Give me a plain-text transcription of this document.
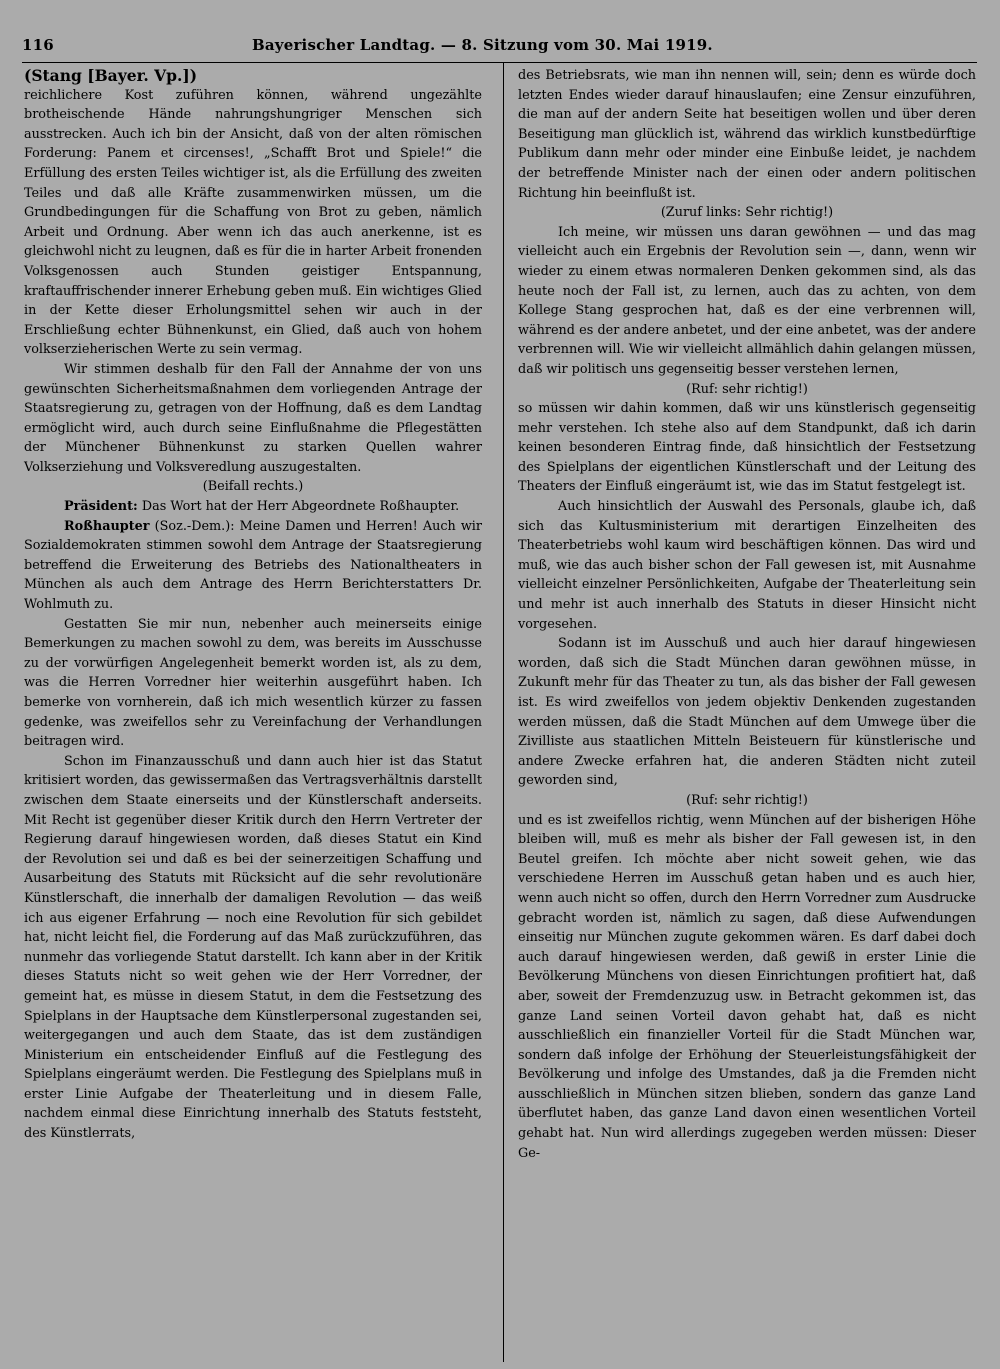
116	Bayerischer Landtag. — 8. Sitzung vom 30. Mai 1919.
(Stang [Bayer. Vp.])

reichlichere Kost zuführen können, während ungezählte brotheischende Hände nahrungshungriger Menschen sich ausstrecken. Auch ich bin der Ansicht, daß von der alten römischen Forderung: Panem et circenses!, „Schafft Brot und Spiele!“ die Erfüllung des ersten Teiles wichtiger ist, als die Erfüllung des zweiten Teiles und daß alle Kräfte zusammenwirken müssen, um die Grundbedingungen für die Schaffung von Brot zu geben, nämlich Arbeit und Ordnung. Aber wenn ich das auch anerkenne, ist es gleichwohl nicht zu leugnen, daß es für die in harter Arbeit fronenden Volksgenossen auch Stunden geistiger Entspannung, kraftauffrischender innerer Erhebung geben muß. Ein wichtiges Glied in der Kette dieser Erholungsmittel sehen wir auch in der Erschließung echter Bühnenkunst, ein Glied, daß auch von hohem volkserzieherischen Werte zu sein vermag.

Wir stimmen deshalb für den Fall der Annahme der von uns gewünschten Sicherheitsmaßnahmen dem vorliegenden Antrage der Staatsregierung zu, getragen von der Hoffnung, daß es dem Landtag ermöglicht wird, auch durch seine Einflußnahme die Pflegestätten der Münchener Bühnenkunst zu starken Quellen wahrer Volkserziehung und Volksveredlung auszugestalten.

(Beifall rechts.)

Präsident: Das Wort hat der Herr Abgeordnete Roßhaupter.

Roßhaupter (Soz.-Dem.): Meine Damen und Herren! Auch wir Sozialdemokraten stimmen sowohl dem Antrage der Staatsregierung betreffend die Erweiterung des Betriebs des Nationaltheaters in München als auch dem Antrage des Herrn Berichterstatters Dr. Wohlmuth zu.

Gestatten Sie mir nun, nebenher auch meinerseits einige Bemerkungen zu machen sowohl zu dem, was bereits im Ausschusse zu der vorwürfigen Angelegenheit bemerkt worden ist, als zu dem, was die Herren Vorredner hier weiterhin ausgeführt haben. Ich bemerke von vornherein, daß ich mich wesentlich kürzer zu fassen gedenke, was zweifellos sehr zu Vereinfachung der Verhandlungen beitragen wird.

Schon im Finanzausschuß und dann auch hier ist das Statut kritisiert worden, das gewissermaßen das Vertragsverhältnis darstellt zwischen dem Staate einerseits und der Künstlerschaft anderseits. Mit Recht ist gegenüber dieser Kritik durch den Herrn Vertreter der Regierung darauf hingewiesen worden, daß dieses Statut ein Kind der Revolution sei und daß es bei der seinerzeitigen Schaffung und Ausarbeitung des Statuts mit Rücksicht auf die sehr revolutionäre Künstlerschaft, die innerhalb der damaligen Revolution — das weiß ich aus eigener Erfahrung — noch eine Revolution für sich gebildet hat, nicht leicht fiel, die Forderung auf das Maß zurückzuführen, das nunmehr das vorliegende Statut darstellt. Ich kann aber in der Kritik dieses Statuts nicht so weit gehen wie der Herr Vorredner, der gemeint hat, es müsse in diesem Statut, in dem die Festsetzung des Spielplans in der Hauptsache dem Künstlerpersonal zugestanden sei, weitergegangen und auch dem Staate, das ist dem zuständigen Ministerium ein entscheidender Einfluß auf die Festlegung des Spielplans eingeräumt werden. Die Festlegung des Spielplans muß in erster Linie Aufgabe der Theaterleitung und in diesem Falle, nachdem einmal diese Einrichtung innerhalb des Statuts feststeht, des Künstlerrats,

des Betriebsrats, wie man ihn nennen will, sein; denn es würde doch letzten Endes wieder darauf hinauslaufen; eine Zensur einzuführen, die man auf der andern Seite hat beseitigen wollen und über deren Beseitigung man glücklich ist, während das wirklich kunstbedürftige Publikum dann mehr oder minder eine Einbuße leidet, je nachdem der betreffende Minister nach der einen oder andern politischen Richtung hin beeinflußt ist.

(Zuruf links: Sehr richtig!)

Ich meine, wir müssen uns daran gewöhnen — und das mag vielleicht auch ein Ergebnis der Revolution sein —, dann, wenn wir wieder zu einem etwas normaleren Denken gekommen sind, als das heute noch der Fall ist, zu lernen, auch das zu achten, von dem Kollege Stang gesprochen hat, daß es der eine verbrennen will, während es der andere anbetet, und der eine anbetet, was der andere verbrennen will. Wie wir vielleicht allmählich dahin gelangen müssen, daß wir politisch uns gegenseitig besser verstehen lernen,

(Ruf: sehr richtig!)

so müssen wir dahin kommen, daß wir uns künstlerisch gegenseitig mehr verstehen. Ich stehe also auf dem Standpunkt, daß ich darin keinen besonderen Eintrag finde, daß hinsichtlich der Festsetzung des Spielplans der eigentlichen Künstlerschaft und der Leitung des Theaters der Einfluß eingeräumt ist, wie das im Statut festgelegt ist.

Auch hinsichtlich der Auswahl des Personals, glaube ich, daß sich das Kultusministerium mit derartigen Einzelheiten des Theaterbetriebs wohl kaum wird beschäftigen können. Das wird und muß, wie das auch bisher schon der Fall gewesen ist, mit Ausnahme vielleicht einzelner Persönlichkeiten, Aufgabe der Theaterleitung sein und mehr ist auch innerhalb des Statuts in dieser Hinsicht nicht vorgesehen.

Sodann ist im Ausschuß und auch hier darauf hingewiesen worden, daß sich die Stadt München daran gewöhnen müsse, in Zukunft mehr für das Theater zu tun, als das bisher der Fall gewesen ist. Es wird zweifellos von jedem objektiv Denkenden zugestanden werden müssen, daß die Stadt München auf dem Umwege über die Zivilliste aus staatlichen Mitteln Beisteuern für künstlerische und andere Zwecke erfahren hat, die anderen Städten nicht zuteil geworden sind,

(Ruf: sehr richtig!)

und es ist zweifellos richtig, wenn München auf der bisherigen Höhe bleiben will, muß es mehr als bisher der Fall gewesen ist, in den Beutel greifen. Ich möchte aber nicht soweit gehen, wie das verschiedene Herren im Ausschuß getan haben und es auch hier, wenn auch nicht so offen, durch den Herrn Vorredner zum Ausdrucke gebracht worden ist, nämlich zu sagen, daß diese Aufwendungen einseitig nur München zugute gekommen wären. Es darf dabei doch auch darauf hingewiesen werden, daß gewiß in erster Linie die Bevölkerung Münchens von diesen Einrichtungen profitiert hat, daß aber, soweit der Fremdenzuzug usw. in Betracht gekommen ist, das ganze Land seinen Vorteil davon gehabt hat, daß es nicht ausschließlich ein finanzieller Vorteil für die Stadt München war, sondern daß infolge der Erhöhung der Steuerleistungsfähigkeit der Bevölkerung und infolge des Umstandes, daß ja die Fremden nicht ausschließlich in München sitzen blieben, sondern das ganze Land überflutet haben, das ganze Land davon einen wesentlichen Vorteil gehabt hat. Nun wird allerdings zugegeben werden müssen: Dieser Ge-
